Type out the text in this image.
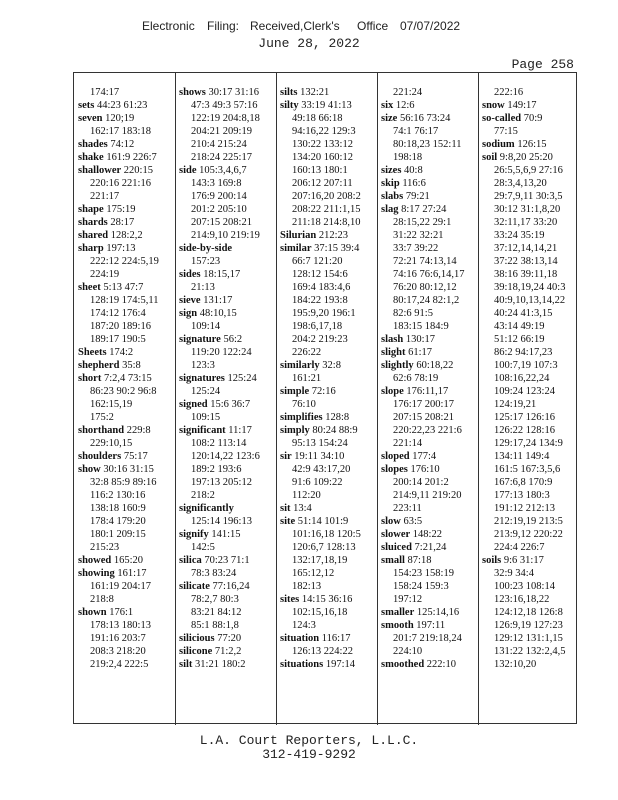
Electronic Filing: Received,Clerk's Office 07/07/2022
June 28, 2022
Page 258
174:17
sets 44:23 61:23
seven 120;19
162:17 183:18
shades 74:12
shake 161:9 226:7
shallower 220:15
220:16 221:16
221:17
shape 175:19
shards 28:17
shared 128:2,2
sharp 197:13
222:12 224:5,19
224:19
sheet 5:13 47:7
128:19 174:5,11
174:12 176:4
187:20 189:16
189:17 190:5
Sheets 174:2
shepherd 35:8
short 7:2,4 73:15
86:23 90:2 96:8
162:15,19
175:2
shorthand 229:8
229:10,15
shoulders 75:17
show 30:16 31:15
32:8 85:9 89:16
116:2 130:16
138:18 160:9
178:4 179:20
180:1 209:15
215:23
showed 165:20
showing 161:17
161:19 204:17
218:8
shown 176:1
178:13 180:13
191:16 203:7
208:3 218:20
219:2,4 222:5
shows 30:17 31:16
47:3 49:3 57:16
122:19 204:8,18
204:21 209:19
210:4 215:24
218:24 225:17
side 105:3,4,6,7
143:3 169:8
176:9 200:14
201:2 205:10
207:15 208:21
214:9,10 219:19
side-by-side
157:23
sides 18:15,17
21:13
sieve 131:17
sign 48:10,15
109:14
signature 56:2
119:20 122:24
123:3
signatures 125:24
125:24
signed 15:6 36:7
109:15
significant 11:17
108:2 113:14
120:14,22 123:6
189:2 193:6
197:13 205:12
218:2
significantly
125:14 196:13
signify 141:15
142:5
silica 70:23 71:1
78:3 83:24
silicate 77:16,24
78:2,7 80:3
83:21 84:12
85:1 88:1,8
silicious 77:20
silicone 71:2,2
silt 31:21 180:2
silts 132:21
silty 33:19 41:13
49:18 66:18
94:16,22 129:3
130:22 133:12
134:20 160:12
160:13 180:1
206:12 207:11
207:16,20 208:2
208:22 211:1,15
211:18 214:8,10
Silurian 212:23
similar 37:15 39:4
66:7 121:20
128:12 154:6
169:4 183:4,6
184:22 193:8
195:9,20 196:1
198:6,17,18
204:2 219:23
226:22
similarly 32:8
161:21
simple 72:16
76:10
simplifies 128:8
simply 80:24 88:9
95:13 154:24
sir 19:11 34:10
42:9 43:17,20
91:6 109:22
112:20
sit 13:4
site 51:14 101:9
101:16,18 120:5
120:6,7 128:13
132:17,18,19
165:12,12
182:13
sites 14:15 36:16
102:15,16,18
124:3
situation 116:17
126:13 224:22
situations 197:14
221:24
six 12:6
size 56:16 73:24
74:1 76:17
80:18,23 152:11
198:18
sizes 40:8
skip 116:6
slabs 79:21
slag 8:17 27:24
28:15,22 29:1
31:22 32:21
33:7 39:22
72:21 74:13,14
74:16 76:6,14,17
76:20 80:12,12
80:17,24 82:1,2
82:6 91:5
183:15 184:9
slash 130:17
slight 61:17
slightly 60:18,22
62:6 78:19
slope 176:11,17
176:17 200:17
207:15 208:21
220:22,23 221:6
221:14
sloped 177:4
slopes 176:10
200:14 201:2
214:9,11 219:20
223:11
slow 63:5
slower 148:22
sluiced 7:21,24
small 87:18
154:23 158:19
158:24 159:3
197:12
smaller 125:14,16
smooth 197:11
201:7 219:18,24
224:10
smoothed 222:10
222:16
snow 149:17
so-called 70:9
77:15
sodium 126:15
soil 9:8,20 25:20
26:5,5,6,9 27:16
28:3,4,13,20
29:7,9,11 30:3,5
30:12 31:1,8,20
32:11,17 33:20
33:24 35:19
37:12,14,14,21
37:22 38:13,14
38:16 39:11,18
39:18,19,24 40:3
40:9,10,13,14,22
40:24 41:3,15
43:14 49:19
51:12 66:19
86:2 94:17,23
100:7,19 107:3
108:16,22,24
109:24 123:24
124:19,21
125:17 126:16
126:22 128:16
129:17,24 134:9
134:11 149:4
161:5 167:3,5,6
167:6,8 170:9
177:13 180:3
191:12 212:13
212:19,19 213:5
213:9,12 220:22
224:4 226:7
soils 9:6 31:17
32:9 34:4
100:23 108:14
123:16,18,22
124:12,18 126:8
126:9,19 127:23
129:12 131:1,15
131:22 132:2,4,5
132:10,20
L.A. Court Reporters, L.L.C.
312-419-9292
